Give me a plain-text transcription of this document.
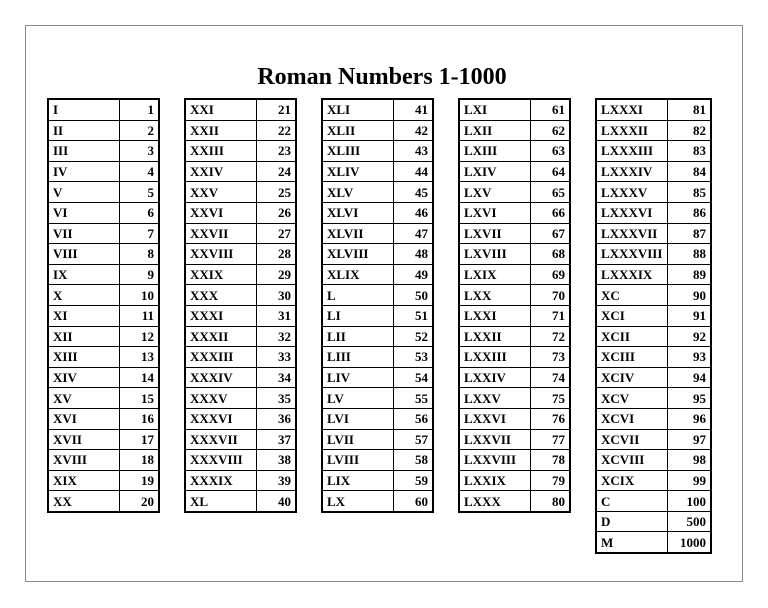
Roman Numbers 1-1000
I	1
II	2
III	3
IV	4
V	5
VI	6
VII	7
VIII	8
IX	9
X	10
XI	11
XII	12
XIII	13
XIV	14
XV	15
XVI	16
XVII	17
XVIII	18
XIX	19
XX	20
XXI	21
XXII	22
XXIII	23
XXIV	24
XXV	25
XXVI	26
XXVII	27
XXVIII	28
XXIX	29
XXX	30
XXXI	31
XXXII	32
XXXIII	33
XXXIV	34
XXXV	35
XXXVI	36
XXXVII	37
XXXVIII	38
XXXIX	39
XL	40
XLI	41
XLII	42
XLIII	43
XLIV	44
XLV	45
XLVI	46
XLVII	47
XLVIII	48
XLIX	49
L	50
LI	51
LII	52
LIII	53
LIV	54
LV	55
LVI	56
LVII	57
LVIII	58
LIX	59
LX	60
LXI	61
LXII	62
LXIII	63
LXIV	64
LXV	65
LXVI	66
LXVII	67
LXVIII	68
LXIX	69
LXX	70
LXXI	71
LXXII	72
LXXIII	73
LXXIV	74
LXXV	75
LXXVI	76
LXXVII	77
LXXVIII	78
LXXIX	79
LXXX	80
LXXXI	81
LXXXII	82
LXXXIII	83
LXXXIV	84
LXXXV	85
LXXXVI	86
LXXXVII	87
LXXXVIII	88
LXXXIX	89
XC	90
XCI	91
XCII	92
XCIII	93
XCIV	94
XCV	95
XCVI	96
XCVII	97
XCVIII	98
XCIX	99
C	100
D	500
M	1000
